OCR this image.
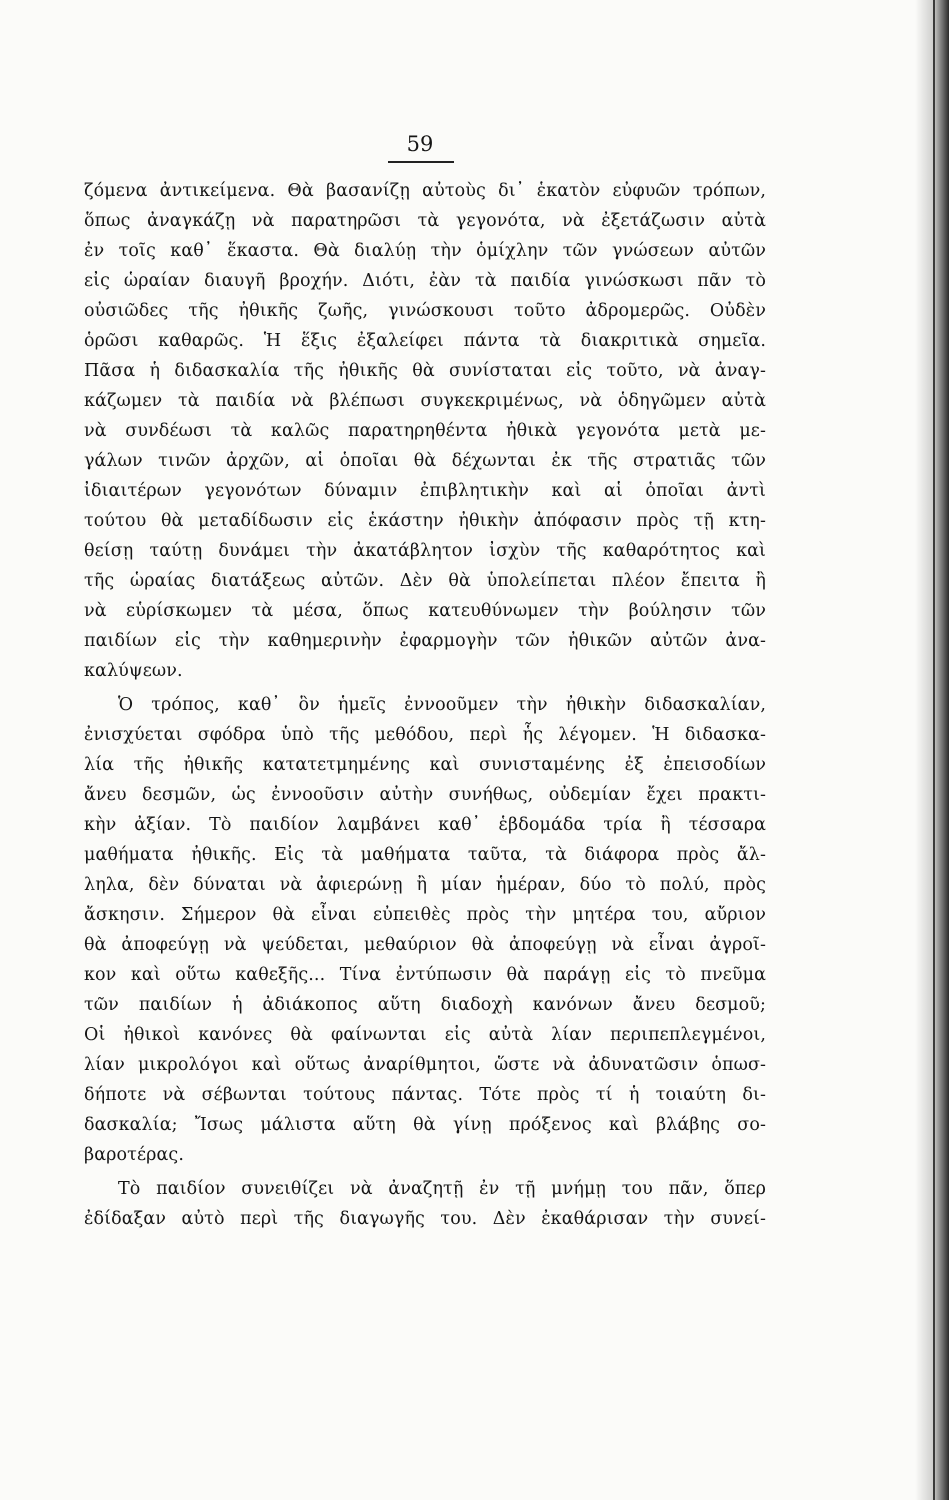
59
ζόμενα ἀντικείμενα. Θὰ βασανίζῃ αὐτοὺς δι᾽ ἑκατὸν εὐφυῶν τρόπων,
ὅπως ἀναγκάζῃ νὰ παρατηρῶσι τὰ γεγονότα, νὰ ἐξετάζωσιν αὐτὰ
ἐν τοῖς καθ᾽ ἕκαστα. Θὰ διαλύῃ τὴν ὁμίχλην τῶν γνώσεων αὐτῶν
εἰς ὡραίαν διαυγῆ βροχήν. Διότι, ἐὰν τὰ παιδία γινώσκωσι πᾶν τὸ
οὐσιῶδες τῆς ἠθικῆς ζωῆς, γινώσκουσι τοῦτο ἀδρομερῶς. Οὐδὲν
ὁρῶσι καθαρῶς. Ἡ ἕξις ἐξαλείφει πάντα τὰ διακριτικὰ σημεῖα.
Πᾶσα ἡ διδασκαλία τῆς ἠθικῆς θὰ συνίσταται εἰς τοῦτο, νὰ ἀναγ-
κάζωμεν τὰ παιδία νὰ βλέπωσι συγκεκριμένως, νὰ ὁδηγῶμεν αὐτὰ
νὰ συνδέωσι τὰ καλῶς παρατηρηθέντα ἠθικὰ γεγονότα μετὰ με-
γάλων τινῶν ἀρχῶν, αἱ ὁποῖαι θὰ δέχωνται ἐκ τῆς στρατιᾶς τῶν
ἰδιαιτέρων γεγονότων δύναμιν ἐπιβλητικὴν καὶ αἱ ὁποῖαι ἀντὶ
τούτου θὰ μεταδίδωσιν εἰς ἑκάστην ἠθικὴν ἀπόφασιν πρὸς τῇ κτη-
θείσῃ ταύτῃ δυνάμει τὴν ἀκατάβλητον ἰσχὺν τῆς καθαρότητος καὶ
τῆς ὡραίας διατάξεως αὐτῶν. Δὲν θὰ ὑπολείπεται πλέον ἔπειτα ἢ
νὰ εὑρίσκωμεν τὰ μέσα, ὅπως κατευθύνωμεν τὴν βούλησιν τῶν
παιδίων εἰς τὴν καθημερινὴν ἐφαρμογὴν τῶν ἠθικῶν αὐτῶν ἀνα-
καλύψεων.
Ὁ τρόπος, καθ᾽ ὃν ἡμεῖς ἐννοοῦμεν τὴν ἠθικὴν διδασκαλίαν,
ἐνισχύεται σφόδρα ὑπὸ τῆς μεθόδου, περὶ ἧς λέγομεν. Ἡ διδασκα-
λία τῆς ἠθικῆς κατατετμημένης καὶ συνισταμένης ἐξ ἐπεισοδίων
ἄνευ δεσμῶν, ὡς ἐννοοῦσιν αὐτὴν συνήθως, οὐδεμίαν ἔχει πρακτι-
κὴν ἀξίαν. Τὸ παιδίον λαμβάνει καθ᾽ ἑβδομάδα τρία ἢ τέσσαρα
μαθήματα ἠθικῆς. Εἰς τὰ μαθήματα ταῦτα, τὰ διάφορα πρὸς ἄλ-
ληλα, δὲν δύναται νὰ ἀφιερώνῃ ἢ μίαν ἡμέραν, δύο τὸ πολύ, πρὸς
ἄσκησιν. Σήμερον θὰ εἶναι εὐπειθὲς πρὸς τὴν μητέρα του, αὔριον
θὰ ἀποφεύγῃ νὰ ψεύδεται, μεθαύριον θὰ ἀποφεύγῃ νὰ εἶναι ἀγροῖ-
κον καὶ οὕτω καθεξῆς... Τίνα ἐντύπωσιν θὰ παράγῃ εἰς τὸ πνεῦμα
τῶν παιδίων ἡ ἀδιάκοπος αὕτη διαδοχὴ κανόνων ἄνευ δεσμοῦ;
Οἱ ἠθικοὶ κανόνες θὰ φαίνωνται εἰς αὐτὰ λίαν περιπεπλεγμένοι,
λίαν μικρολόγοι καὶ οὕτως ἀναρίθμητοι, ὥστε νὰ ἀδυνατῶσιν ὁπωσ-
δήποτε νὰ σέβωνται τούτους πάντας. Τότε πρὸς τί ἡ τοιαύτη δι-
δασκαλία; Ἴσως μάλιστα αὕτη θὰ γίνῃ πρόξενος καὶ βλάβης σο-
βαροτέρας.
Τὸ παιδίον συνειθίζει νὰ ἀναζητῇ ἐν τῇ μνήμῃ του πᾶν, ὅπερ
ἐδίδαξαν αὐτὸ περὶ τῆς διαγωγῆς του. Δὲν ἐκαθάρισαν τὴν συνεί-
